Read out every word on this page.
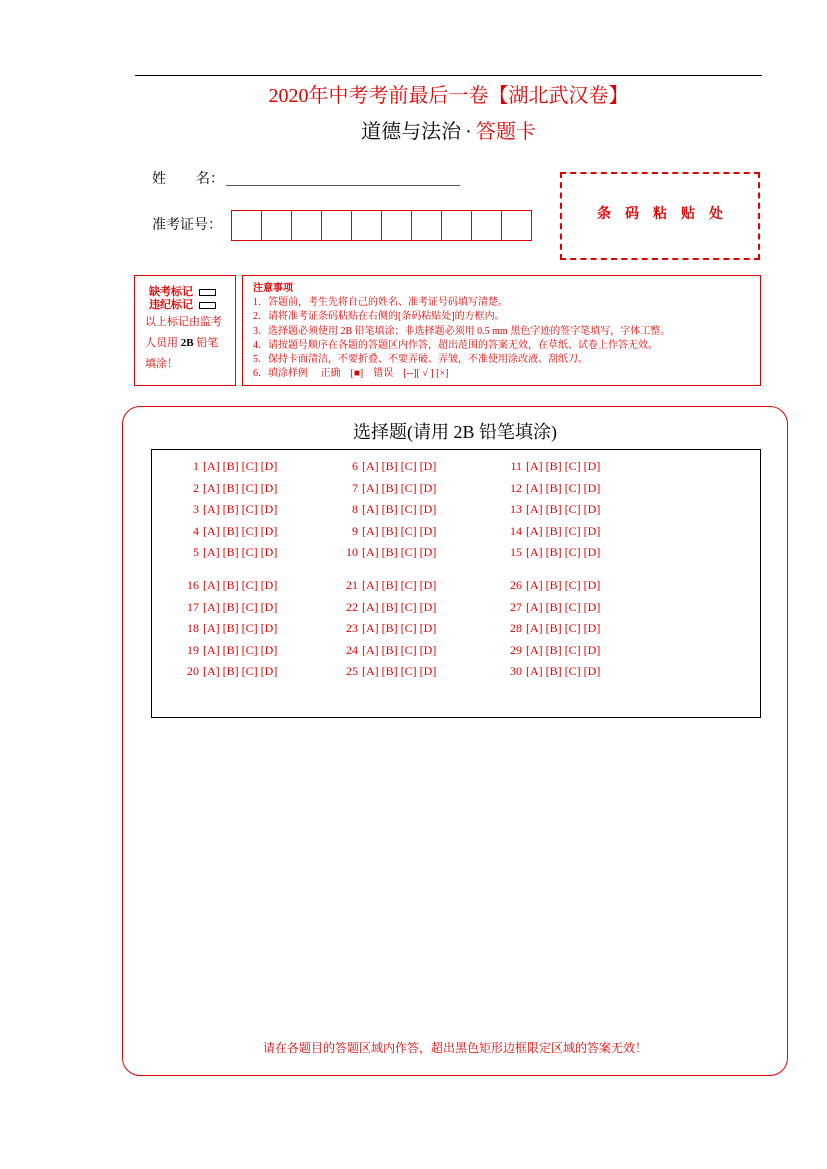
2020年中考考前最后一卷【湖北武汉卷】
道德与法治 · 答题卡
姓 名：
准考证号：
条码粘贴处
缺考标记
违纪标记
以上标记由监考人员用 2B 铅笔填涂！
注意事项
1．答题前，考生先将自己的姓名、准考证号码填写清楚。
2．请将准考证条码粘贴在右侧的[条码粘贴处]的方框内。
3．选择题必须使用 2B 铅笔填涂；非选择题必须用 0.5 mm 黑色字迹的签字笔填写，字体工整。
4．请按题号顺序在各题的答题区内作答，超出范围的答案无效，在草纸、试卷上作答无效。
5．保持卡面清洁，不要折叠、不要弄破、弄皱，不准使用涂改液、刮纸刀。
6．填涂样例　 正确　[■]　错误　[--][ √ ] [×]
选择题(请用 2B 铅笔填涂)
1 [A] [B] [C] [D]
2 [A] [B] [C] [D]
3 [A] [B] [C] [D]
4 [A] [B] [C] [D]
5 [A] [B] [C] [D]
6 [A] [B] [C] [D]
7 [A] [B] [C] [D]
8 [A] [B] [C] [D]
9 [A] [B] [C] [D]
10 [A] [B] [C] [D]
11 [A] [B] [C] [D]
12 [A] [B] [C] [D]
13 [A] [B] [C] [D]
14 [A] [B] [C] [D]
15 [A] [B] [C] [D]
16 [A] [B] [C] [D]
17 [A] [B] [C] [D]
18 [A] [B] [C] [D]
19 [A] [B] [C] [D]
20 [A] [B] [C] [D]
21 [A] [B] [C] [D]
22 [A] [B] [C] [D]
23 [A] [B] [C] [D]
24 [A] [B] [C] [D]
25 [A] [B] [C] [D]
26 [A] [B] [C] [D]
27 [A] [B] [C] [D]
28 [A] [B] [C] [D]
29 [A] [B] [C] [D]
30 [A] [B] [C] [D]
请在各题目的答题区域内作答，超出黑色矩形边框限定区域的答案无效！
